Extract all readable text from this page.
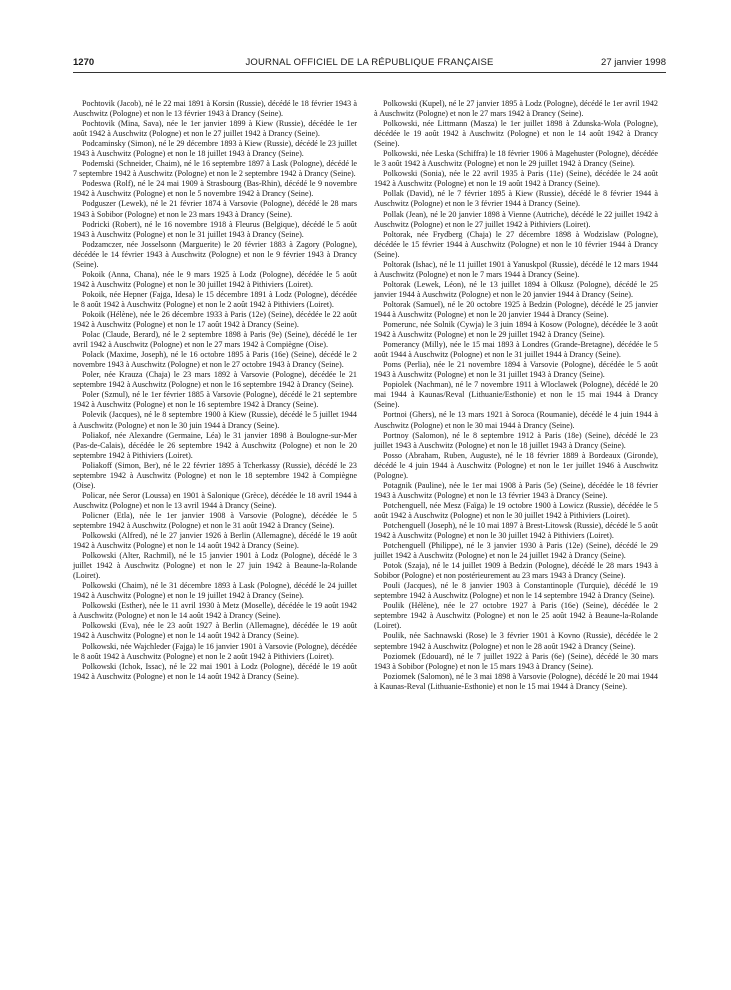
1270	JOURNAL OFFICIEL DE LA RÉPUBLIQUE FRANÇAISE	27 janvier 1998

Pochtovik (Jacob), né le 22 mai 1891 à Korsin (Russie), décédé le 18 février 1943 à Auschwitz (Pologne) et non le 13 février 1943 à Drancy (Seine).

Pochtovik (Mina, Sava), née le 1er janvier 1899 à Kiew (Russie), décédée le 1er août 1942 à Auschwitz (Pologne) et non le 27 juillet 1942 à Drancy (Seine).

Podcaminsky (Simon), né le 29 décembre 1893 à Kiew (Russie), décédé le 23 juillet 1943 à Auschwitz (Pologne) et non le 18 juillet 1943 à Drancy (Seine).

Podemski (Schneider, Chaim), né le 16 septembre 1897 à Lask (Pologne), décédé le 7 septembre 1942 à Auschwitz (Pologne) et non le 2 septembre 1942 à Drancy (Seine).

Podeswa (Rolf), né le 24 mai 1909 à Strasbourg (Bas-Rhin), décédé le 9 novembre 1942 à Auschwitz (Pologne) et non le 5 novembre 1942 à Drancy (Seine).

Podguszer (Lewek), né le 21 février 1874 à Varsovie (Pologne), décédé le 28 mars 1943 à Sobibor (Pologne) et non le 23 mars 1943 à Drancy (Seine).

Podricki (Robert), né le 16 novembre 1918 à Fleurus (Belgique), décédé le 5 août 1943 à Auschwitz (Pologne) et non le 31 juillet 1943 à Drancy (Seine).

Podzamczer, née Josselsonn (Marguerite) le 20 février 1883 à Zagory (Pologne), décédée le 14 février 1943 à Auschwitz (Pologne) et non le 9 février 1943 à Drancy (Seine).

Pokoik (Anna, Chana), née le 9 mars 1925 à Lodz (Pologne), décédée le 5 août 1942 à Auschwitz (Pologne) et non le 30 juillet 1942 à Pithiviers (Loiret).

Pokoik, née Hepner (Fajga, Idesa) le 15 décembre 1891 à Lodz (Pologne), décédée le 8 août 1942 à Auschwitz (Pologne) et non le 2 août 1942 à Pithiviers (Loiret).

Pokoik (Hélène), née le 26 décembre 1933 à Paris (12e) (Seine), décédée le 22 août 1942 à Auschwitz (Pologne) et non le 17 août 1942 à Drancy (Seine).

Polac (Claude, Berard), né le 2 septembre 1898 à Paris (9e) (Seine), décédé le 1er avril 1942 à Auschwitz (Pologne) et non le 27 mars 1942 à Compiègne (Oise).

Polack (Maxime, Joseph), né le 16 octobre 1895 à Paris (16e) (Seine), décédé le 2 novembre 1943 à Auschwitz (Pologne) et non le 27 octobre 1943 à Drancy (Seine).

Poler, née Krauza (Chaja) le 23 mars 1892 à Varsovie (Pologne), décédée le 21 septembre 1942 à Auschwitz (Pologne) et non le 16 septembre 1942 à Drancy (Seine).

Poler (Szmul), né le 1er février 1885 à Varsovie (Pologne), décédé le 21 septembre 1942 à Auschwitz (Pologne) et non le 16 septembre 1942 à Drancy (Seine).

Polevik (Jacques), né le 8 septembre 1900 à Kiew (Russie), décédé le 5 juillet 1944 à Auschwitz (Pologne) et non le 30 juin 1944 à Drancy (Seine).

Poliakof, née Alexandre (Germaine, Léa) le 31 janvier 1898 à Boulogne-sur-Mer (Pas-de-Calais), décédée le 26 septembre 1942 à Auschwitz (Pologne) et non le 20 septembre 1942 à Pithiviers (Loiret).

Poliakoff (Simon, Ber), né le 22 février 1895 à Tcherkassy (Russie), décédé le 23 septembre 1942 à Auschwitz (Pologne) et non le 18 septembre 1942 à Compiègne (Oise).

Policar, née Seror (Loussa) en 1901 à Salonique (Grèce), décédée le 18 avril 1944 à Auschwitz (Pologne) et non le 13 avril 1944 à Drancy (Seine).

Policner (Etla), née le 1er janvier 1908 à Varsovie (Pologne), décédée le 5 septembre 1942 à Auschwitz (Pologne) et non le 31 août 1942 à Drancy (Seine).

Polkowski (Alfred), né le 27 janvier 1926 à Berlin (Allemagne), décédé le 19 août 1942 à Auschwitz (Pologne) et non le 14 août 1942 à Drancy (Seine).

Polkowski (Alter, Rachmil), né le 15 janvier 1901 à Lodz (Pologne), décédé le 3 juillet 1942 à Auschwitz (Pologne) et non le 27 juin 1942 à Beaune-la-Rolande (Loiret).

Polkowski (Chaim), né le 31 décembre 1893 à Lask (Pologne), décédé le 24 juillet 1942 à Auschwitz (Pologne) et non le 19 juillet 1942 à Drancy (Seine).

Polkowski (Esther), née le 11 avril 1930 à Metz (Moselle), décédée le 19 août 1942 à Auschwitz (Pologne) et non le 14 août 1942 à Drancy (Seine).

Polkowski (Eva), née le 23 août 1927 à Berlin (Allemagne), décédée le 19 août 1942 à Auschwitz (Pologne) et non le 14 août 1942 à Drancy (Seine).

Polkowski, née Wajchleder (Fajga) le 16 janvier 1901 à Varsovie (Pologne), décédée le 8 août 1942 à Auschwitz (Pologne) et non le 2 août 1942 à Pithiviers (Loiret).

Polkowski (Ichok, Issac), né le 22 mai 1901 à Lodz (Pologne), décédé le 19 août 1942 à Auschwitz (Pologne) et non le 14 août 1942 à Drancy (Seine).

Polkowski (Kupel), né le 27 janvier 1895 à Lodz (Pologne), décédé le 1er avril 1942 à Auschwitz (Pologne) et non le 27 mars 1942 à Drancy (Seine).

Polkowski, née Littmann (Masza) le 1er juillet 1898 à Zdunska-Wola (Pologne), décédée le 19 août 1942 à Auschwitz (Pologne) et non le 14 août 1942 à Drancy (Seine).

Polkowski, née Leska (Schiffra) le 18 février 1906 à Magehuster (Pologne), décédée le 3 août 1942 à Auschwitz (Pologne) et non le 29 juillet 1942 à Drancy (Seine).

Polkowski (Sonia), née le 22 avril 1935 à Paris (11e) (Seine), décédée le 24 août 1942 à Auschwitz (Pologne) et non le 19 août 1942 à Drancy (Seine).

Pollak (David), né le 7 février 1895 à Kiew (Russie), décédé le 8 février 1944 à Auschwitz (Pologne) et non le 3 février 1944 à Drancy (Seine).

Pollak (Jean), né le 20 janvier 1898 à Vienne (Autriche), décédé le 22 juillet 1942 à Auschwitz (Pologne) et non le 27 juillet 1942 à Pithiviers (Loiret).

Poltorak, née Frydberg (Chaja) le 27 décembre 1898 à Wodzislaw (Pologne), décédée le 15 février 1944 à Auschwitz (Pologne) et non le 10 février 1944 à Drancy (Seine).

Poltorak (Ishac), né le 11 juillet 1901 à Yanuskpol (Russie), décédé le 12 mars 1944 à Auschwitz (Pologne) et non le 7 mars 1944 à Drancy (Seine).

Poltorak (Lewek, Léon), né le 13 juillet 1894 à Olkusz (Pologne), décédé le 25 janvier 1944 à Auschwitz (Pologne) et non le 20 janvier 1944 à Drancy (Seine).

Poltorak (Samuel), né le 20 octobre 1925 à Bedzin (Pologne), décédé le 25 janvier 1944 à Auschwitz (Pologne) et non le 20 janvier 1944 à Drancy (Seine).

Pomerunc, née Solnik (Cywja) le 3 juin 1894 à Kosow (Pologne), décédée le 3 août 1942 à Auschwitz (Pologne) et non le 29 juillet 1942 à Drancy (Seine).

Pomerancy (Milly), née le 15 mai 1893 à Londres (Grande-Bretagne), décédée le 5 août 1944 à Auschwitz (Pologne) et non le 31 juillet 1944 à Drancy (Seine).

Poms (Perlia), née le 21 novembre 1894 à Varsovie (Pologne), décédée le 5 août 1943 à Auschwitz (Pologne) et non le 31 juillet 1943 à Drancy (Seine).

Popiolek (Nachman), né le 7 novembre 1911 à Wloclawek (Pologne), décédé le 20 mai 1944 à Kaunas/Reval (Lithuanie/Esthonie) et non le 15 mai 1944 à Drancy (Seine).

Portnoi (Ghers), né le 13 mars 1921 à Soroca (Roumanie), décédé le 4 juin 1944 à Auschwitz (Pologne) et non le 30 mai 1944 à Drancy (Seine).

Portnoy (Salomon), né le 8 septembre 1912 à Paris (18e) (Seine), décédé le 23 juillet 1943 à Auschwitz (Pologne) et non le 18 juillet 1943 à Drancy (Seine).

Posso (Abraham, Ruben, Auguste), né le 18 février 1889 à Bordeaux (Gironde), décédé le 4 juin 1944 à Auschwitz (Pologne) et non le 1er juillet 1946 à Auschwitz (Pologne).

Potagnik (Pauline), née le 1er mai 1908 à Paris (5e) (Seine), décédée le 18 février 1943 à Auschwitz (Pologne) et non le 13 février 1943 à Drancy (Seine).

Potchenguell, née Mesz (Faïga) le 19 octobre 1900 à Lowicz (Russie), décédée le 5 août 1942 à Auschwitz (Pologne) et non le 30 juillet 1942 à Pithiviers (Loiret).

Potchenguell (Joseph), né le 10 mai 1897 à Brest-Litowsk (Russie), décédé le 5 août 1942 à Auschwitz (Pologne) et non le 30 juillet 1942 à Pithiviers (Loiret).

Potchenguell (Philippe), né le 3 janvier 1930 à Paris (12e) (Seine), décédé le 29 juillet 1942 à Auschwitz (Pologne) et non le 24 juillet 1942 à Drancy (Seine).

Potok (Szaja), né le 14 juillet 1909 à Bedzin (Pologne), décédé le 28 mars 1943 à Sobibor (Pologne) et non postérieurement au 23 mars 1943 à Drancy (Seine).

Pouli (Jacques), né le 8 janvier 1903 à Constantinople (Turquie), décédé le 19 septembre 1942 à Auschwitz (Pologne) et non le 14 septembre 1942 à Drancy (Seine).

Poulik (Hélène), née le 27 octobre 1927 à Paris (16e) (Seine), décédée le 2 septembre 1942 à Auschwitz (Pologne) et non le 25 août 1942 à Beaune-la-Rolande (Loiret).

Poulik, née Sachnawski (Rose) le 3 février 1901 à Kovno (Russie), décédée le 2 septembre 1942 à Auschwitz (Pologne) et non le 28 août 1942 à Drancy (Seine).

Poziomek (Edouard), né le 7 juillet 1922 à Paris (6e) (Seine), décédé le 30 mars 1943 à Sobibor (Pologne) et non le 15 mars 1943 à Drancy (Seine).

Poziomek (Salomon), né le 3 mai 1898 à Varsovie (Pologne), décédé le 20 mai 1944 à Kaunas-Reval (Lithuanie-Esthonie) et non le 15 mai 1944 à Drancy (Seine).
